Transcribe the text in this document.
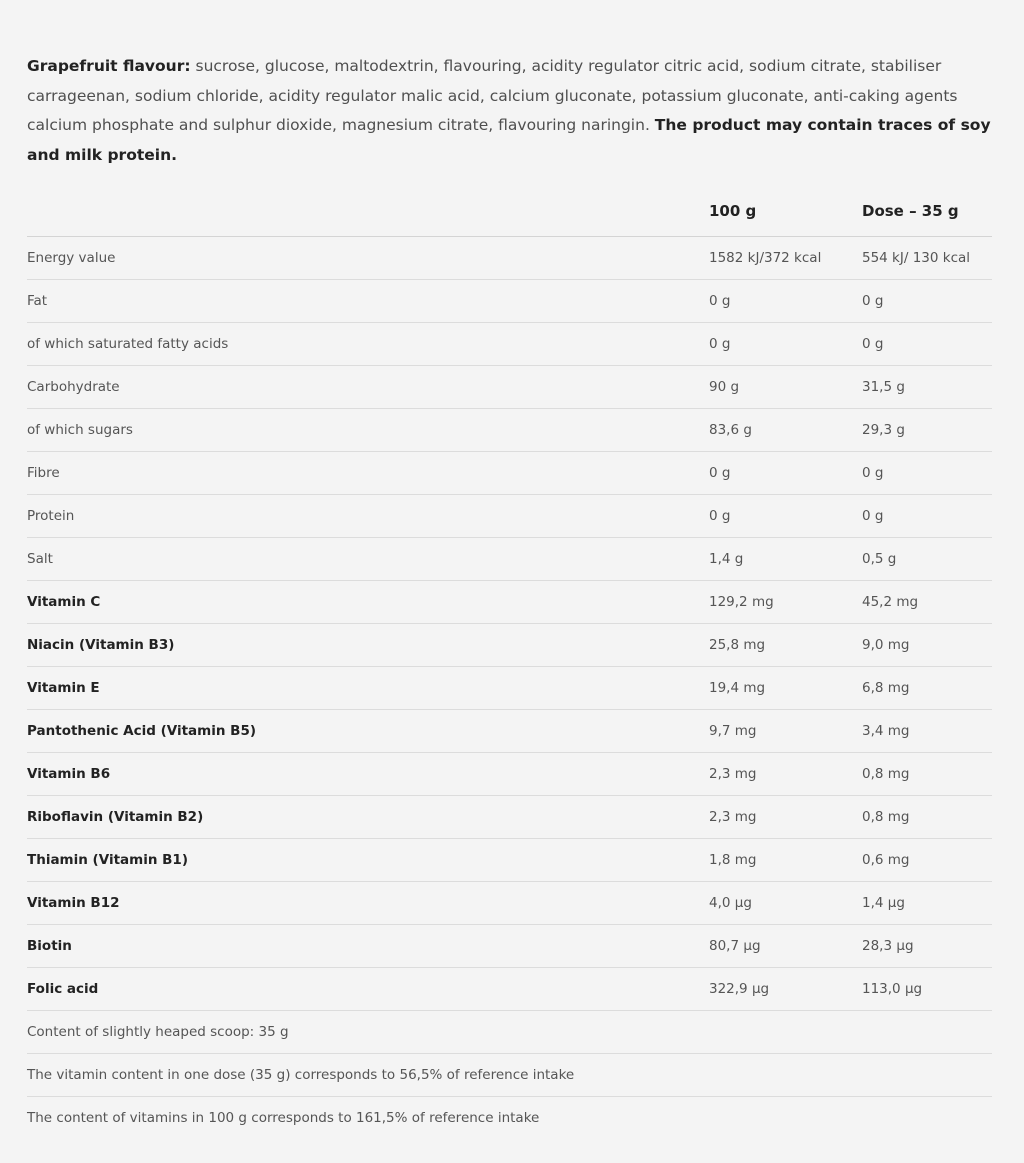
Grapefruit flavour: sucrose, glucose, maltodextrin, flavouring, acidity regulator citric acid, sodium citrate, stabiliser carrageenan, sodium chloride, acidity regulator malic acid, calcium gluconate, potassium gluconate, anti-caking agents calcium phosphate and sulphur dioxide, magnesium citrate, flavouring naringin. The product may contain traces of soy and milk protein.

100 g	Dose – 35 g
Energy value	1582 kJ/372 kcal	554 kJ/ 130 kcal
Fat	0 g	0 g
of which saturated fatty acids	0 g	0 g
Carbohydrate	90 g	31,5 g
of which sugars	83,6 g	29,3 g
Fibre	0 g	0 g
Protein	0 g	0 g
Salt	1,4 g	0,5 g
Vitamin C	129,2 mg	45,2 mg
Niacin (Vitamin B3)	25,8 mg	9,0 mg
Vitamin E	19,4 mg	6,8 mg
Pantothenic Acid (Vitamin B5)	9,7 mg	3,4 mg
Vitamin B6	2,3 mg	0,8 mg
Riboflavin (Vitamin B2)	2,3 mg	0,8 mg
Thiamin (Vitamin B1)	1,8 mg	0,6 mg
Vitamin B12	4,0 µg	1,4 µg
Biotin	80,7 µg	28,3 µg
Folic acid	322,9 µg	113,0 µg
Content of slightly heaped scoop: 35 g
The vitamin content in one dose (35 g) corresponds to 56,5% of reference intake
The content of vitamins in 100 g corresponds to 161,5% of reference intake
